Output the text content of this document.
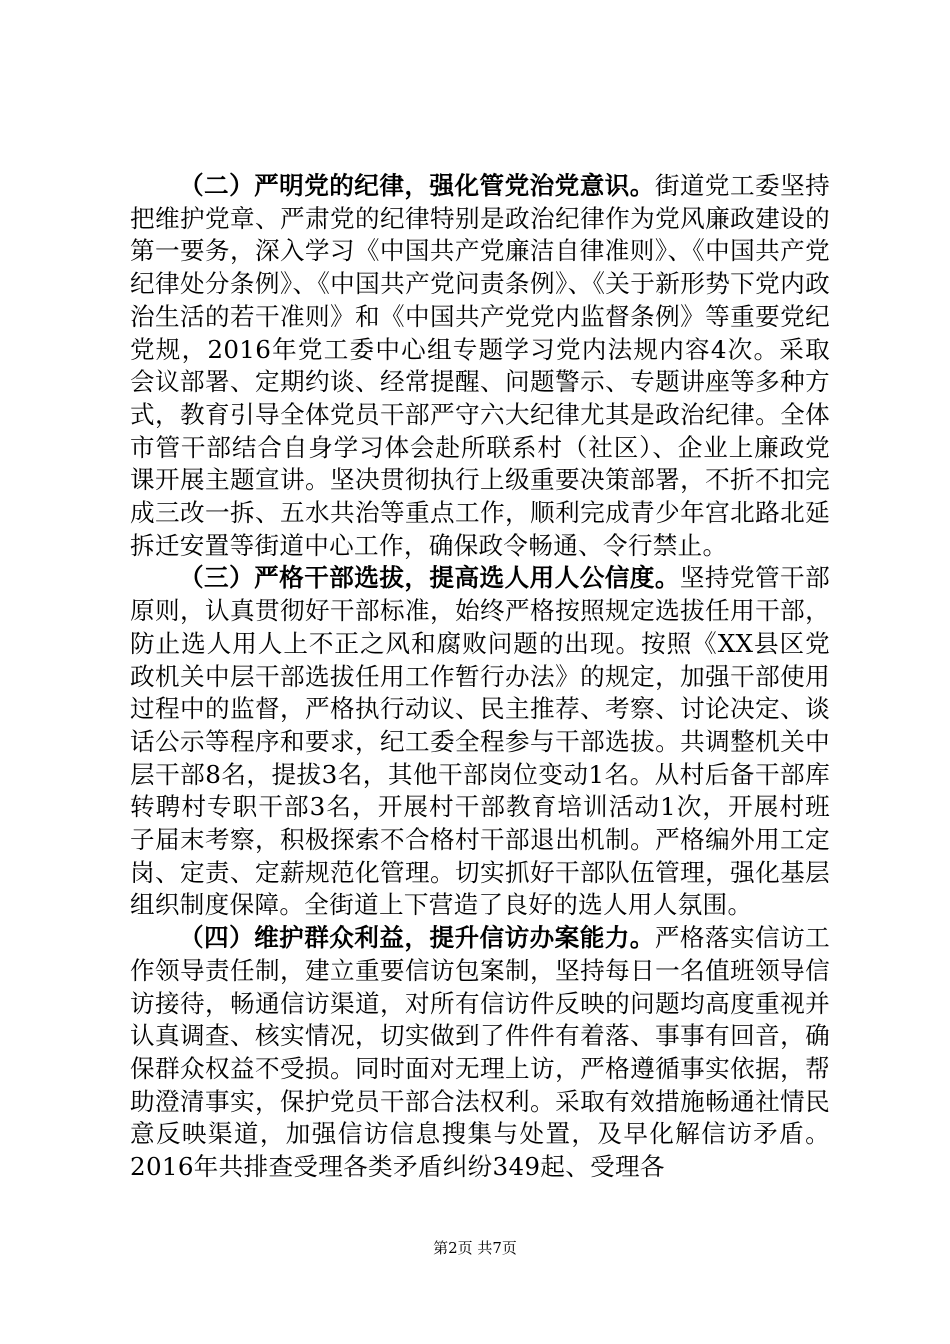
（二）严明党的纪律，强化管党治党意识。街道党工委坚持把维护党章、严肃党的纪律特别是政治纪律作为党风廉政建设的第一要务，深入学习《中国共产党廉洁自律准则》、《中国共产党纪律处分条例》、《中国共产党问责条例》、《关于新形势下党内政治生活的若干准则》和《中国共产党党内监督条例》等重要党纪党规，2016年党工委中心组专题学习党内法规内容4次。采取会议部署、定期约谈、经常提醒、问题警示、专题讲座等多种方式，教育引导全体党员干部严守六大纪律尤其是政治纪律。全体市管干部结合自身学习体会赴所联系村（社区）、企业上廉政党课开展主题宣讲。坚决贯彻执行上级重要决策部署，不折不扣完成三改一拆、五水共治等重点工作，顺利完成青少年宫北路北延拆迁安置等街道中心工作，确保政令畅通、令行禁止。

（三）严格干部选拔，提高选人用人公信度。坚持党管干部原则，认真贯彻好干部标准，始终严格按照规定选拔任用干部，防止选人用人上不正之风和腐败问题的出现。按照《XX县区党政机关中层干部选拔任用工作暂行办法》的规定，加强干部使用过程中的监督，严格执行动议、民主推荐、考察、讨论决定、谈话公示等程序和要求，纪工委全程参与干部选拔。共调整机关中层干部8名，提拔3名，其他干部岗位变动1名。从村后备干部库转聘村专职干部3名，开展村干部教育培训活动1次，开展村班子届末考察，积极探索不合格村干部退出机制。严格编外用工定岗、定责、定薪规范化管理。切实抓好干部队伍管理，强化基层组织制度保障。全街道上下营造了良好的选人用人氛围。

（四）维护群众利益，提升信访办案能力。严格落实信访工作领导责任制，建立重要信访包案制，坚持每日一名值班领导信访接待，畅通信访渠道，对所有信访件反映的问题均高度重视并认真调查、核实情况，切实做到了件件有着落、事事有回音，确保群众权益不受损。同时面对无理上访，严格遵循事实依据，帮助澄清事实，保护党员干部合法权利。采取有效措施畅通社情民意反映渠道，加强信访信息搜集与处置，及早化解信访矛盾。2016年共排查受理各类矛盾纠纷349起、受理各

第2页 共7页
